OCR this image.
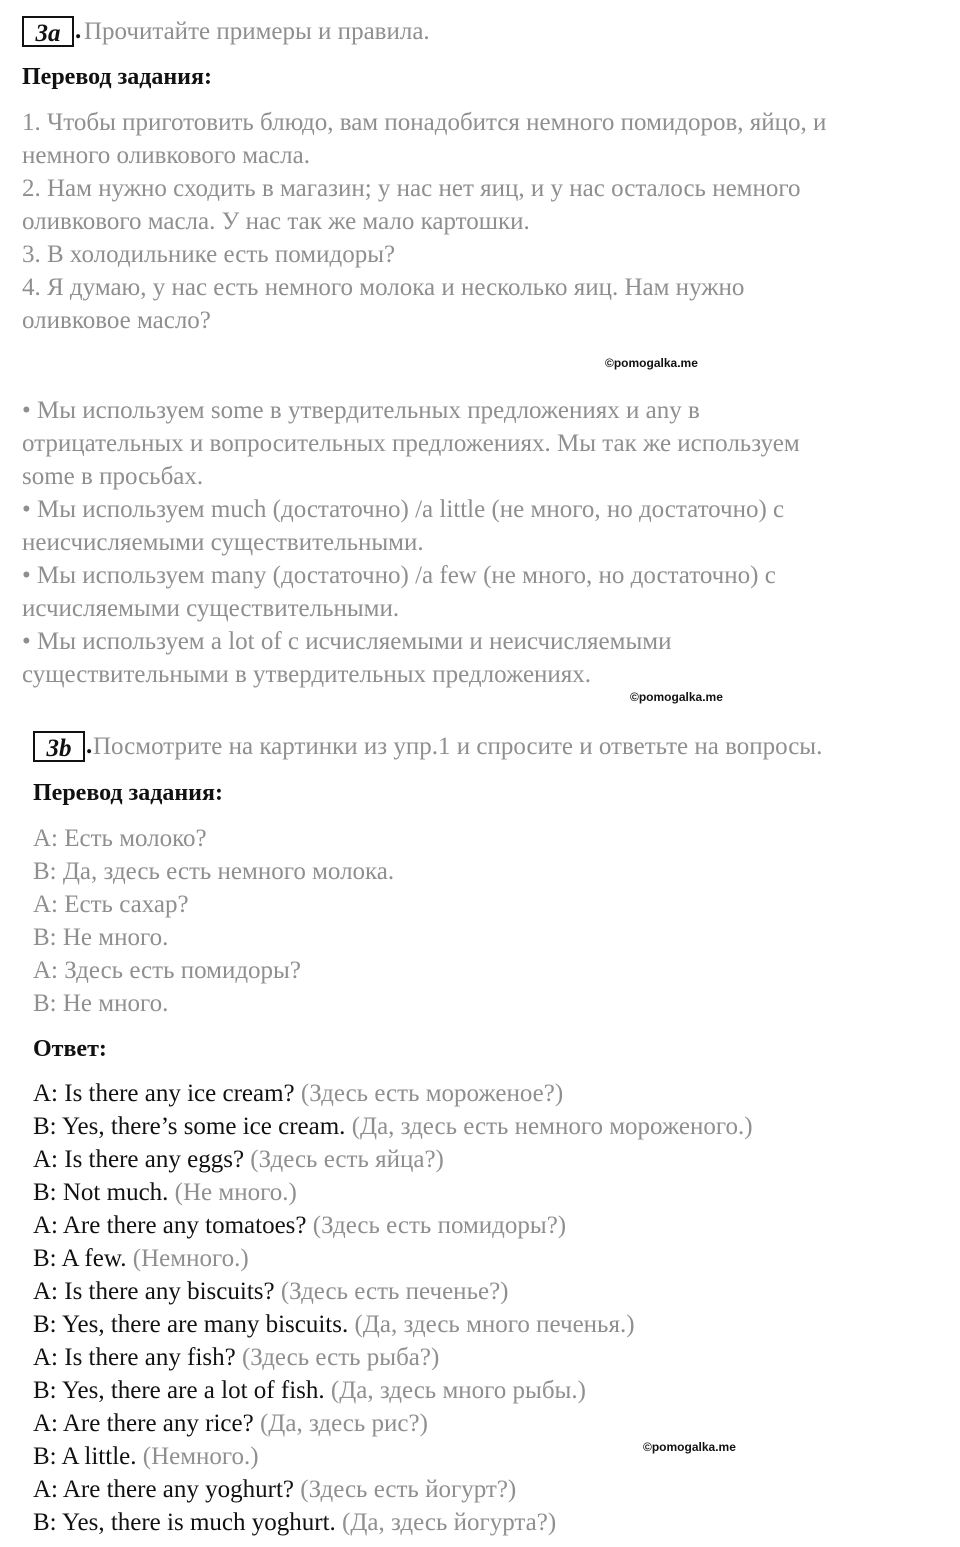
3a . Прочитайте примеры и правила.
Перевод задания:
1. Чтобы приготовить блюдо, вам понадобится немного помидоров, яйцо, и
немного оливкового масла.
2. Нам нужно сходить в магазин; у нас нет яиц, и у нас осталось немного
оливкового масла. У нас так же мало картошки.
3. В холодильнике есть помидоры?
4. Я думаю, у нас есть немного молока и несколько яиц. Нам нужно
оливковое масло?
©pomogalka.me
• Мы используем some в утвердительных предложениях и any в
отрицательных и вопросительных предложениях. Мы так же используем
some в просьбах.
• Мы используем much (достаточно) /a little (не много, но достаточно) с
неисчисляемыми существительными.
• Мы используем many (достаточно) /a few (не много, но достаточно) с
исчисляемыми существительными.
• Мы используем a lot of с исчисляемыми и неисчисляемыми
существительными в утвердительных предложениях.
©pomogalka.me
3b . Посмотрите на картинки из упр.1 и спросите и ответьте на вопросы.
Перевод задания:
A: Есть молоко?
B: Да, здесь есть немного молока.
A: Есть сахар?
B: Не много.
A: Здесь есть помидоры?
B: Не много.
Ответ:
A: Is there any ice cream? (Здесь есть мороженое?)
B: Yes, there’s some ice cream. (Да, здесь есть немного мороженого.)
A: Is there any eggs? (Здесь есть яйца?)
B: Not much. (Не много.)
A: Are there any tomatoes? (Здесь есть помидоры?)
B: A few. (Немного.)
A: Is there any biscuits? (Здесь есть печенье?)
B: Yes, there are many biscuits. (Да, здесь много печенья.)
A: Is there any fish? (Здесь есть рыба?)
B: Yes, there are a lot of fish. (Да, здесь много рыбы.)
A: Are there any rice? (Да, здесь рис?)
B: A little. (Немного.)
A: Are there any yoghurt? (Здесь есть йогурт?)
B: Yes, there is much yoghurt. (Да, здесь йогурта?)
©pomogalka.me
